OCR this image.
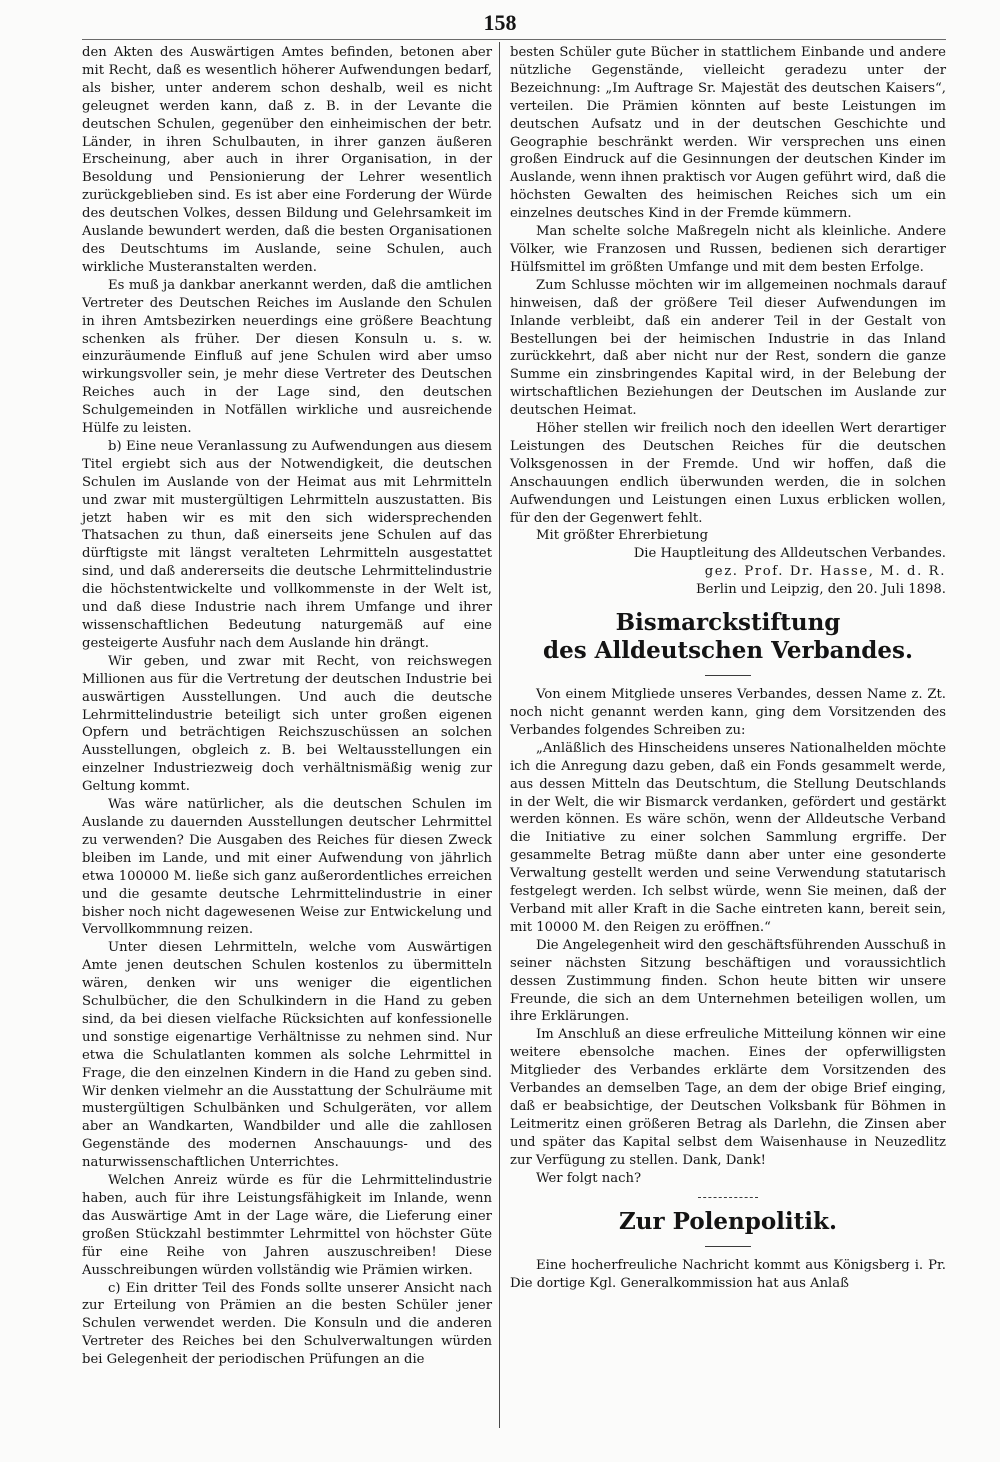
158

den Akten des Auswärtigen Amtes befinden, betonen aber mit Recht, daß es wesentlich höherer Aufwendungen bedarf, als bisher, unter anderem schon deshalb, weil es nicht geleugnet werden kann, daß z. B. in der Levante die deutschen Schulen, gegenüber den einheimischen der betr. Länder, in ihren Schulbauten, in ihrer ganzen äußeren Erscheinung, aber auch in ihrer Organisation, in der Besoldung und Pensionierung der Lehrer wesentlich zurückgeblieben sind. Es ist aber eine Forderung der Würde des deutschen Volkes, dessen Bildung und Gelehrsamkeit im Auslande bewundert werden, daß die besten Organisationen des Deutschtums im Auslande, seine Schulen, auch wirkliche Musteranstalten werden.

Es muß ja dankbar anerkannt werden, daß die amtlichen Vertreter des Deutschen Reiches im Auslande den Schulen in ihren Amtsbezirken neuerdings eine größere Beachtung schenken als früher. Der diesen Konsuln u. s. w. einzuräumende Einfluß auf jene Schulen wird aber umso wirkungsvoller sein, je mehr diese Vertreter des Deutschen Reiches auch in der Lage sind, den deutschen Schulgemeinden in Notfällen wirkliche und ausreichende Hülfe zu leisten.

b) Eine neue Veranlassung zu Aufwendungen aus diesem Titel ergiebt sich aus der Notwendigkeit, die deutschen Schulen im Auslande von der Heimat aus mit Lehrmitteln und zwar mit mustergültigen Lehrmitteln auszustatten. Bis jetzt haben wir es mit den sich widersprechenden Thatsachen zu thun, daß einerseits jene Schulen auf das dürftigste mit längst veralteten Lehrmitteln ausgestattet sind, und daß andererseits die deutsche Lehrmittelindustrie die höchstentwickelte und vollkommenste in der Welt ist, und daß diese Industrie nach ihrem Umfange und ihrer wissenschaftlichen Bedeutung naturgemäß auf eine gesteigerte Ausfuhr nach dem Auslande hin drängt.

Wir geben, und zwar mit Recht, von reichswegen Millionen aus für die Vertretung der deutschen Industrie bei auswärtigen Ausstellungen. Und auch die deutsche Lehrmittelindustrie beteiligt sich unter großen eigenen Opfern und beträchtigen Reichszuschüssen an solchen Ausstellungen, obgleich z. B. bei Weltausstellungen ein einzelner Industriezweig doch verhältnismäßig wenig zur Geltung kommt.

Was wäre natürlicher, als die deutschen Schulen im Auslande zu dauernden Ausstellungen deutscher Lehrmittel zu verwenden? Die Ausgaben des Reiches für diesen Zweck bleiben im Lande, und mit einer Aufwendung von jährlich etwa 100000 M. ließe sich ganz außerordentliches erreichen und die gesamte deutsche Lehrmittelindustrie in einer bisher noch nicht dagewesenen Weise zur Entwickelung und Vervollkommnung reizen.

Unter diesen Lehrmitteln, welche vom Auswärtigen Amte jenen deutschen Schulen kostenlos zu übermitteln wären, denken wir uns weniger die eigentlichen Schulbücher, die den Schulkindern in die Hand zu geben sind, da bei diesen vielfache Rücksichten auf konfessionelle und sonstige eigenartige Verhältnisse zu nehmen sind. Nur etwa die Schulatlanten kommen als solche Lehrmittel in Frage, die den einzelnen Kindern in die Hand zu geben sind. Wir denken vielmehr an die Ausstattung der Schulräume mit mustergültigen Schulbänken und Schulgeräten, vor allem aber an Wandkarten, Wandbilder und alle die zahllosen Gegenstände des modernen Anschauungs- und des naturwissenschaftlichen Unterrichtes.

Welchen Anreiz würde es für die Lehrmittelindustrie haben, auch für ihre Leistungsfähigkeit im Inlande, wenn das Auswärtige Amt in der Lage wäre, die Lieferung einer großen Stückzahl bestimmter Lehrmittel von höchster Güte für eine Reihe von Jahren auszuschreiben! Diese Ausschreibungen würden vollständig wie Prämien wirken.

c) Ein dritter Teil des Fonds sollte unserer Ansicht nach zur Erteilung von Prämien an die besten Schüler jener Schulen verwendet werden. Die Konsuln und die anderen Vertreter des Reiches bei den Schulverwaltungen würden bei Gelegenheit der periodischen Prüfungen an die

besten Schüler gute Bücher in stattlichem Einbande und andere nützliche Gegenstände, vielleicht geradezu unter der Bezeichnung: „Im Auftrage Sr. Majestät des deutschen Kaisers“, verteilen. Die Prämien könnten auf beste Leistungen im deutschen Aufsatz und in der deutschen Geschichte und Geographie beschränkt werden. Wir versprechen uns einen großen Eindruck auf die Gesinnungen der deutschen Kinder im Auslande, wenn ihnen praktisch vor Augen geführt wird, daß die höchsten Gewalten des heimischen Reiches sich um ein einzelnes deutsches Kind in der Fremde kümmern.

Man schelte solche Maßregeln nicht als kleinliche. Andere Völker, wie Franzosen und Russen, bedienen sich derartiger Hülfsmittel im größten Umfange und mit dem besten Erfolge.

Zum Schlusse möchten wir im allgemeinen nochmals darauf hinweisen, daß der größere Teil dieser Aufwendungen im Inlande verbleibt, daß ein anderer Teil in der Gestalt von Bestellungen bei der heimischen Industrie in das Inland zurückkehrt, daß aber nicht nur der Rest, sondern die ganze Summe ein zinsbringendes Kapital wird, in der Belebung der wirtschaftlichen Beziehungen der Deutschen im Auslande zur deutschen Heimat.

Höher stellen wir freilich noch den ideellen Wert derartiger Leistungen des Deutschen Reiches für die deutschen Volksgenossen in der Fremde. Und wir hoffen, daß die Anschauungen endlich überwunden werden, die in solchen Aufwendungen und Leistungen einen Luxus erblicken wollen, für den der Gegenwert fehlt.

Mit größter Ehrerbietung

Die Hauptleitung des Alldeutschen Verbandes.

gez. Prof. Dr. Hasse, M. d. R.

Berlin und Leipzig, den 20. Juli 1898.

Bismarckstiftung
des Alldeutschen Verbandes.

Von einem Mitgliede unseres Verbandes, dessen Name z. Zt. noch nicht genannt werden kann, ging dem Vorsitzenden des Verbandes folgendes Schreiben zu:

„Anläßlich des Hinscheidens unseres Nationalhelden möchte ich die Anregung dazu geben, daß ein Fonds gesammelt werde, aus dessen Mitteln das Deutschtum, die Stellung Deutschlands in der Welt, die wir Bismarck verdanken, gefördert und gestärkt werden können. Es wäre schön, wenn der Alldeutsche Verband die Initiative zu einer solchen Sammlung ergriffe. Der gesammelte Betrag müßte dann aber unter eine gesonderte Verwaltung gestellt werden und seine Verwendung statutarisch festgelegt werden. Ich selbst würde, wenn Sie meinen, daß der Verband mit aller Kraft in die Sache eintreten kann, bereit sein, mit 10000 M. den Reigen zu eröffnen.“

Die Angelegenheit wird den geschäftsführenden Ausschuß in seiner nächsten Sitzung beschäftigen und voraussichtlich dessen Zustimmung finden. Schon heute bitten wir unsere Freunde, die sich an dem Unternehmen beteiligen wollen, um ihre Erklärungen.

Im Anschluß an diese erfreuliche Mitteilung können wir eine weitere ebensolche machen. Eines der opferwilligsten Mitglieder des Verbandes erklärte dem Vorsitzenden des Verbandes an demselben Tage, an dem der obige Brief einging, daß er beabsichtige, der Deutschen Volksbank für Böhmen in Leitmeritz einen größeren Betrag als Darlehn, die Zinsen aber und später das Kapital selbst dem Waisenhause in Neuzedlitz zur Verfügung zu stellen. Dank, Dank!

Wer folgt nach?

Zur Polenpolitik.

Eine hocherfreuliche Nachricht kommt aus Königsberg i. Pr. Die dortige Kgl. Generalkommission hat aus Anlaß
